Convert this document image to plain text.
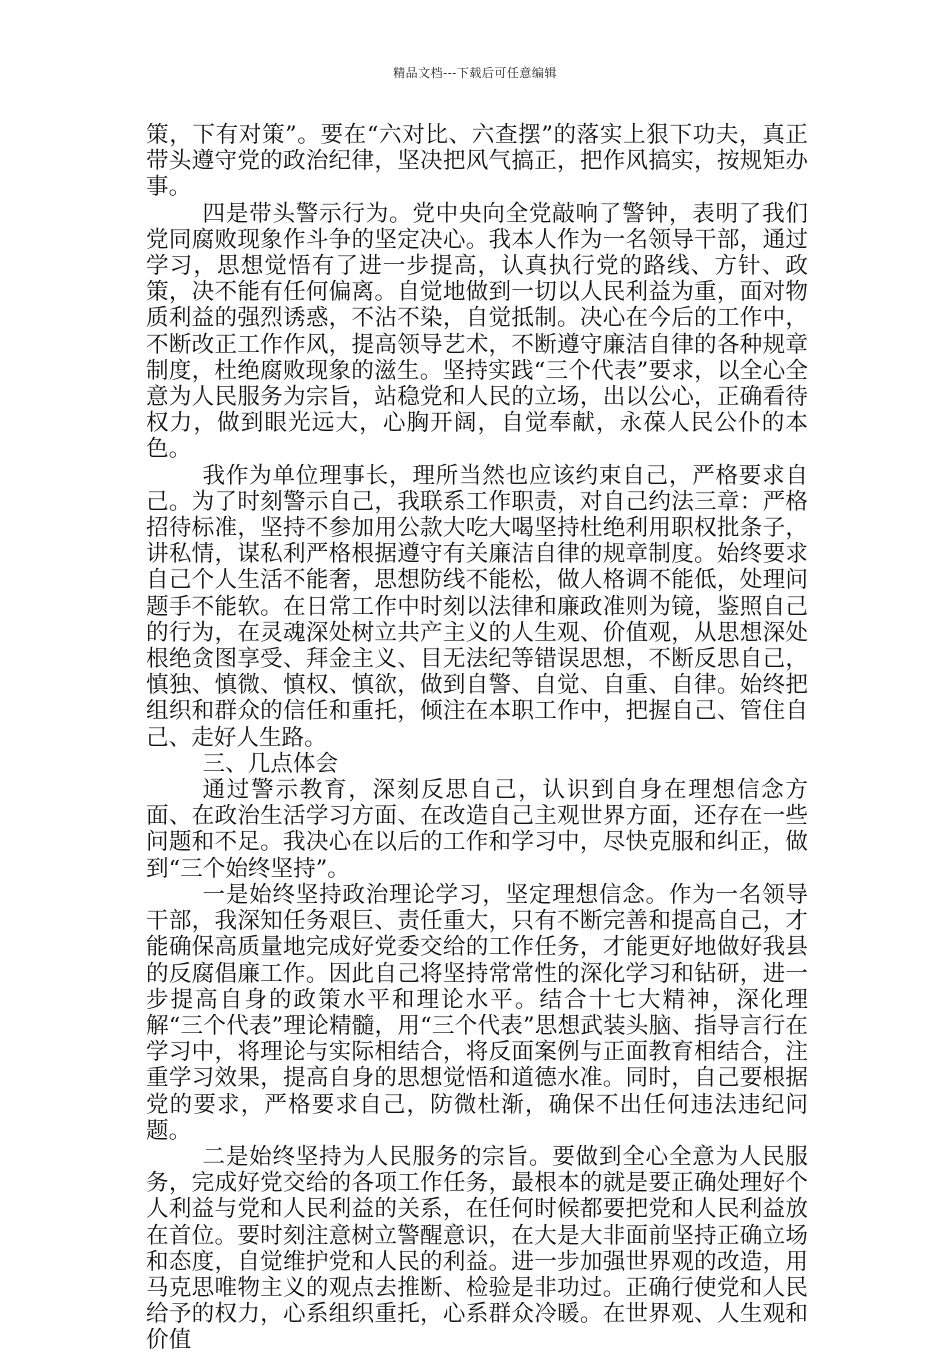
精品文档---下载后可任意编辑

策，下有对策”。要在“六对比、六查摆”的落实上狠下功夫，真正带头遵守党的政治纪律，坚决把风气搞正，把作风搞实，按规矩办事。

四是带头警示行为。党中央向全党敲响了警钟，表明了我们党同腐败现象作斗争的坚定决心。我本人作为一名领导干部，通过学习，思想觉悟有了进一步提高，认真执行党的路线、方针、政策，决不能有任何偏离。自觉地做到一切以人民利益为重，面对物质利益的强烈诱惑，不沾不染，自觉抵制。决心在今后的工作中，不断改正工作作风，提高领导艺术，不断遵守廉洁自律的各种规章制度，杜绝腐败现象的滋生。坚持实践“三个代表”要求，以全心全意为人民服务为宗旨，站稳党和人民的立场，出以公心，正确看待权力，做到眼光远大，心胸开阔，自觉奉献，永葆人民公仆的本色。

我作为单位理事长，理所当然也应该约束自己，严格要求自己。为了时刻警示自己，我联系工作职责，对自己约法三章：严格招待标准，坚持不参加用公款大吃大喝坚持杜绝利用职权批条子，讲私情，谋私利严格根据遵守有关廉洁自律的规章制度。始终要求自己个人生活不能奢，思想防线不能松，做人格调不能低，处理问题手不能软。在日常工作中时刻以法律和廉政准则为镜，鉴照自己的行为，在灵魂深处树立共产主义的人生观、价值观，从思想深处根绝贪图享受、拜金主义、目无法纪等错误思想，不断反思自己，慎独、慎微、慎权、慎欲，做到自警、自觉、自重、自律。始终把组织和群众的信任和重托，倾注在本职工作中，把握自己、管住自己、走好人生路。

三、几点体会

通过警示教育，深刻反思自己，认识到自身在理想信念方面、在政治生活学习方面、在改造自己主观世界方面，还存在一些问题和不足。我决心在以后的工作和学习中，尽快克服和纠正，做到“三个始终坚持”。

一是始终坚持政治理论学习，坚定理想信念。作为一名领导干部，我深知任务艰巨、责任重大，只有不断完善和提高自己，才能确保高质量地完成好党委交给的工作任务，才能更好地做好我县的反腐倡廉工作。因此自己将坚持常常性的深化学习和钻研，进一步提高自身的政策水平和理论水平。结合十七大精神，深化理解“三个代表”理论精髓，用“三个代表”思想武装头脑、指导言行在学习中，将理论与实际相结合，将反面案例与正面教育相结合，注重学习效果，提高自身的思想觉悟和道德水准。同时，自己要根据党的要求，严格要求自己，防微杜渐，确保不出任何违法违纪问题。

二是始终坚持为人民服务的宗旨。要做到全心全意为人民服务，完成好党交给的各项工作任务，最根本的就是要正确处理好个人利益与党和人民利益的关系，在任何时候都要把党和人民利益放在首位。要时刻注意树立警醒意识，在大是大非面前坚持正确立场和态度，自觉维护党和人民的利益。进一步加强世界观的改造，用马克思唯物主义的观点去推断、检验是非功过。正确行使党和人民给予的权力，心系组织重托，心系群众冷暖。在世界观、人生观和价值
